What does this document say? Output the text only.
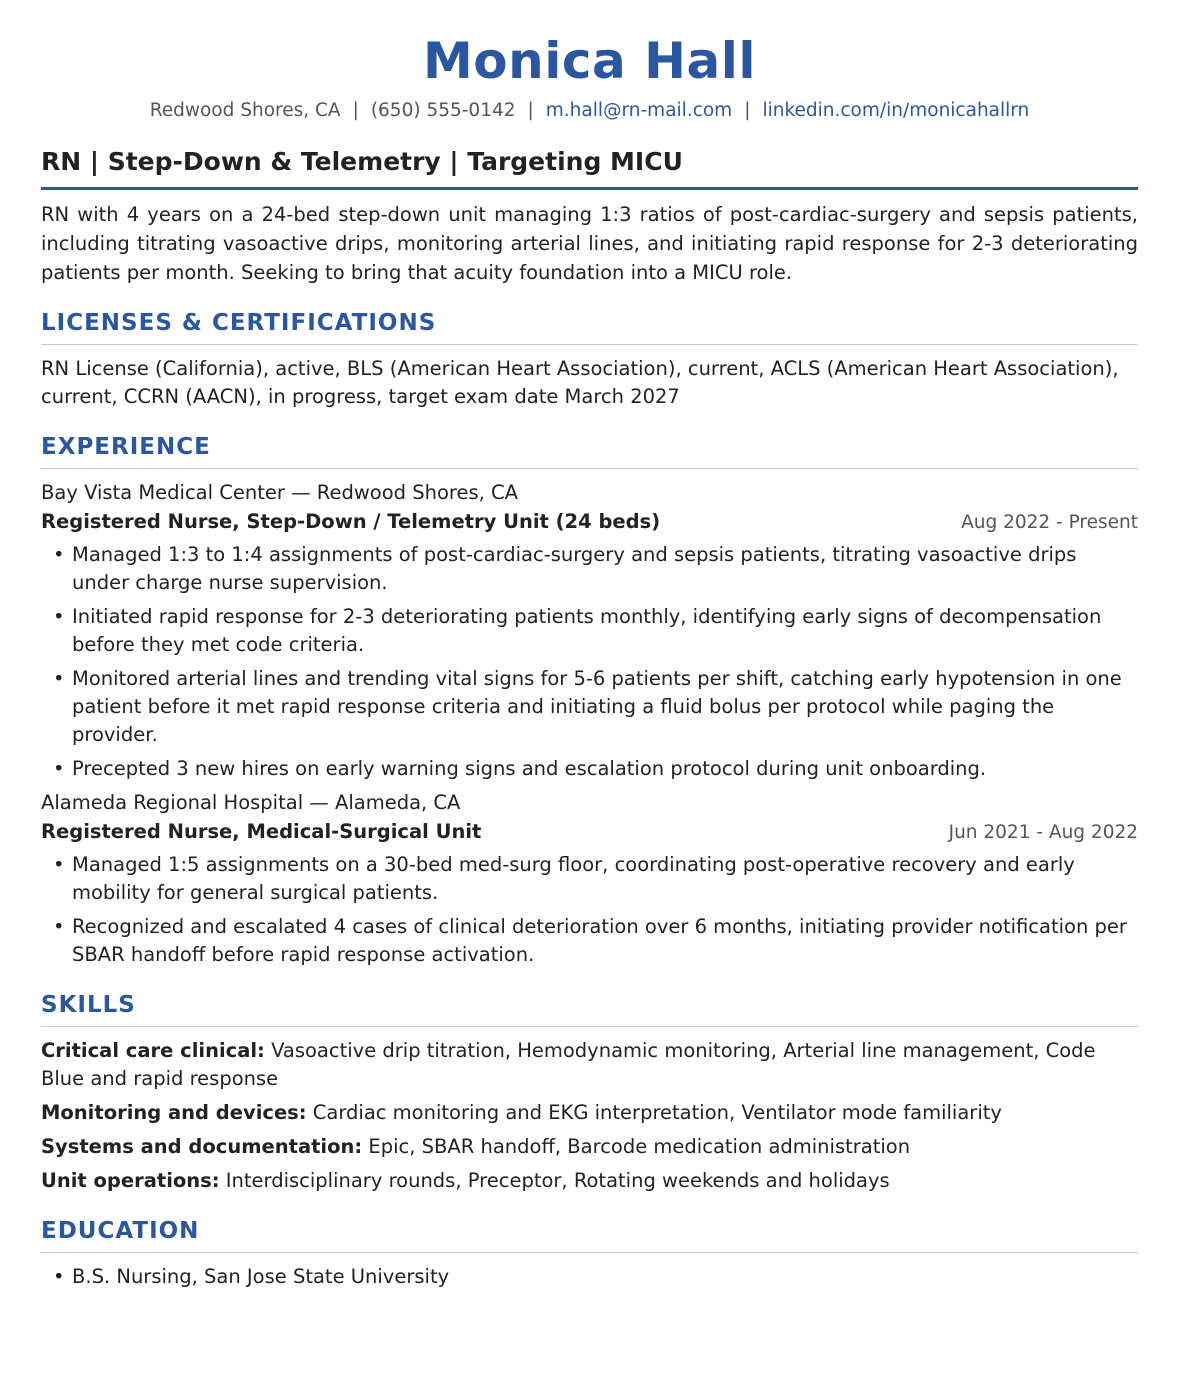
Monica Hall
Redwood Shores, CA | (650) 555-0142 | m.hall@rn-mail.com | linkedin.com/in/monicahallrn
RN | Step-Down & Telemetry | Targeting MICU
RN with 4 years on a 24-bed step-down unit managing 1:3 ratios of post-cardiac-surgery and sepsis patients, including titrating vasoactive drips, monitoring arterial lines, and initiating rapid response for 2-3 deteriorating patients per month. Seeking to bring that acuity foundation into a MICU role.
LICENSES & CERTIFICATIONS
RN License (California), active, BLS (American Heart Association), current, ACLS (American Heart Association), current, CCRN (AACN), in progress, target exam date March 2027
EXPERIENCE
Bay Vista Medical Center — Redwood Shores, CA
Registered Nurse, Step-Down / Telemetry Unit (24 beds)	Aug 2022 - Present
• Managed 1:3 to 1:4 assignments of post-cardiac-surgery and sepsis patients, titrating vasoactive drips under charge nurse supervision.
• Initiated rapid response for 2-3 deteriorating patients monthly, identifying early signs of decompensation before they met code criteria.
• Monitored arterial lines and trending vital signs for 5-6 patients per shift, catching early hypotension in one patient before it met rapid response criteria and initiating a fluid bolus per protocol while paging the provider.
• Precepted 3 new hires on early warning signs and escalation protocol during unit onboarding.
Alameda Regional Hospital — Alameda, CA
Registered Nurse, Medical-Surgical Unit	Jun 2021 - Aug 2022
• Managed 1:5 assignments on a 30-bed med-surg floor, coordinating post-operative recovery and early mobility for general surgical patients.
• Recognized and escalated 4 cases of clinical deterioration over 6 months, initiating provider notification per SBAR handoff before rapid response activation.
SKILLS
Critical care clinical: Vasoactive drip titration, Hemodynamic monitoring, Arterial line management, Code Blue and rapid response
Monitoring and devices: Cardiac monitoring and EKG interpretation, Ventilator mode familiarity
Systems and documentation: Epic, SBAR handoff, Barcode medication administration
Unit operations: Interdisciplinary rounds, Preceptor, Rotating weekends and holidays
EDUCATION
• B.S. Nursing, San Jose State University
